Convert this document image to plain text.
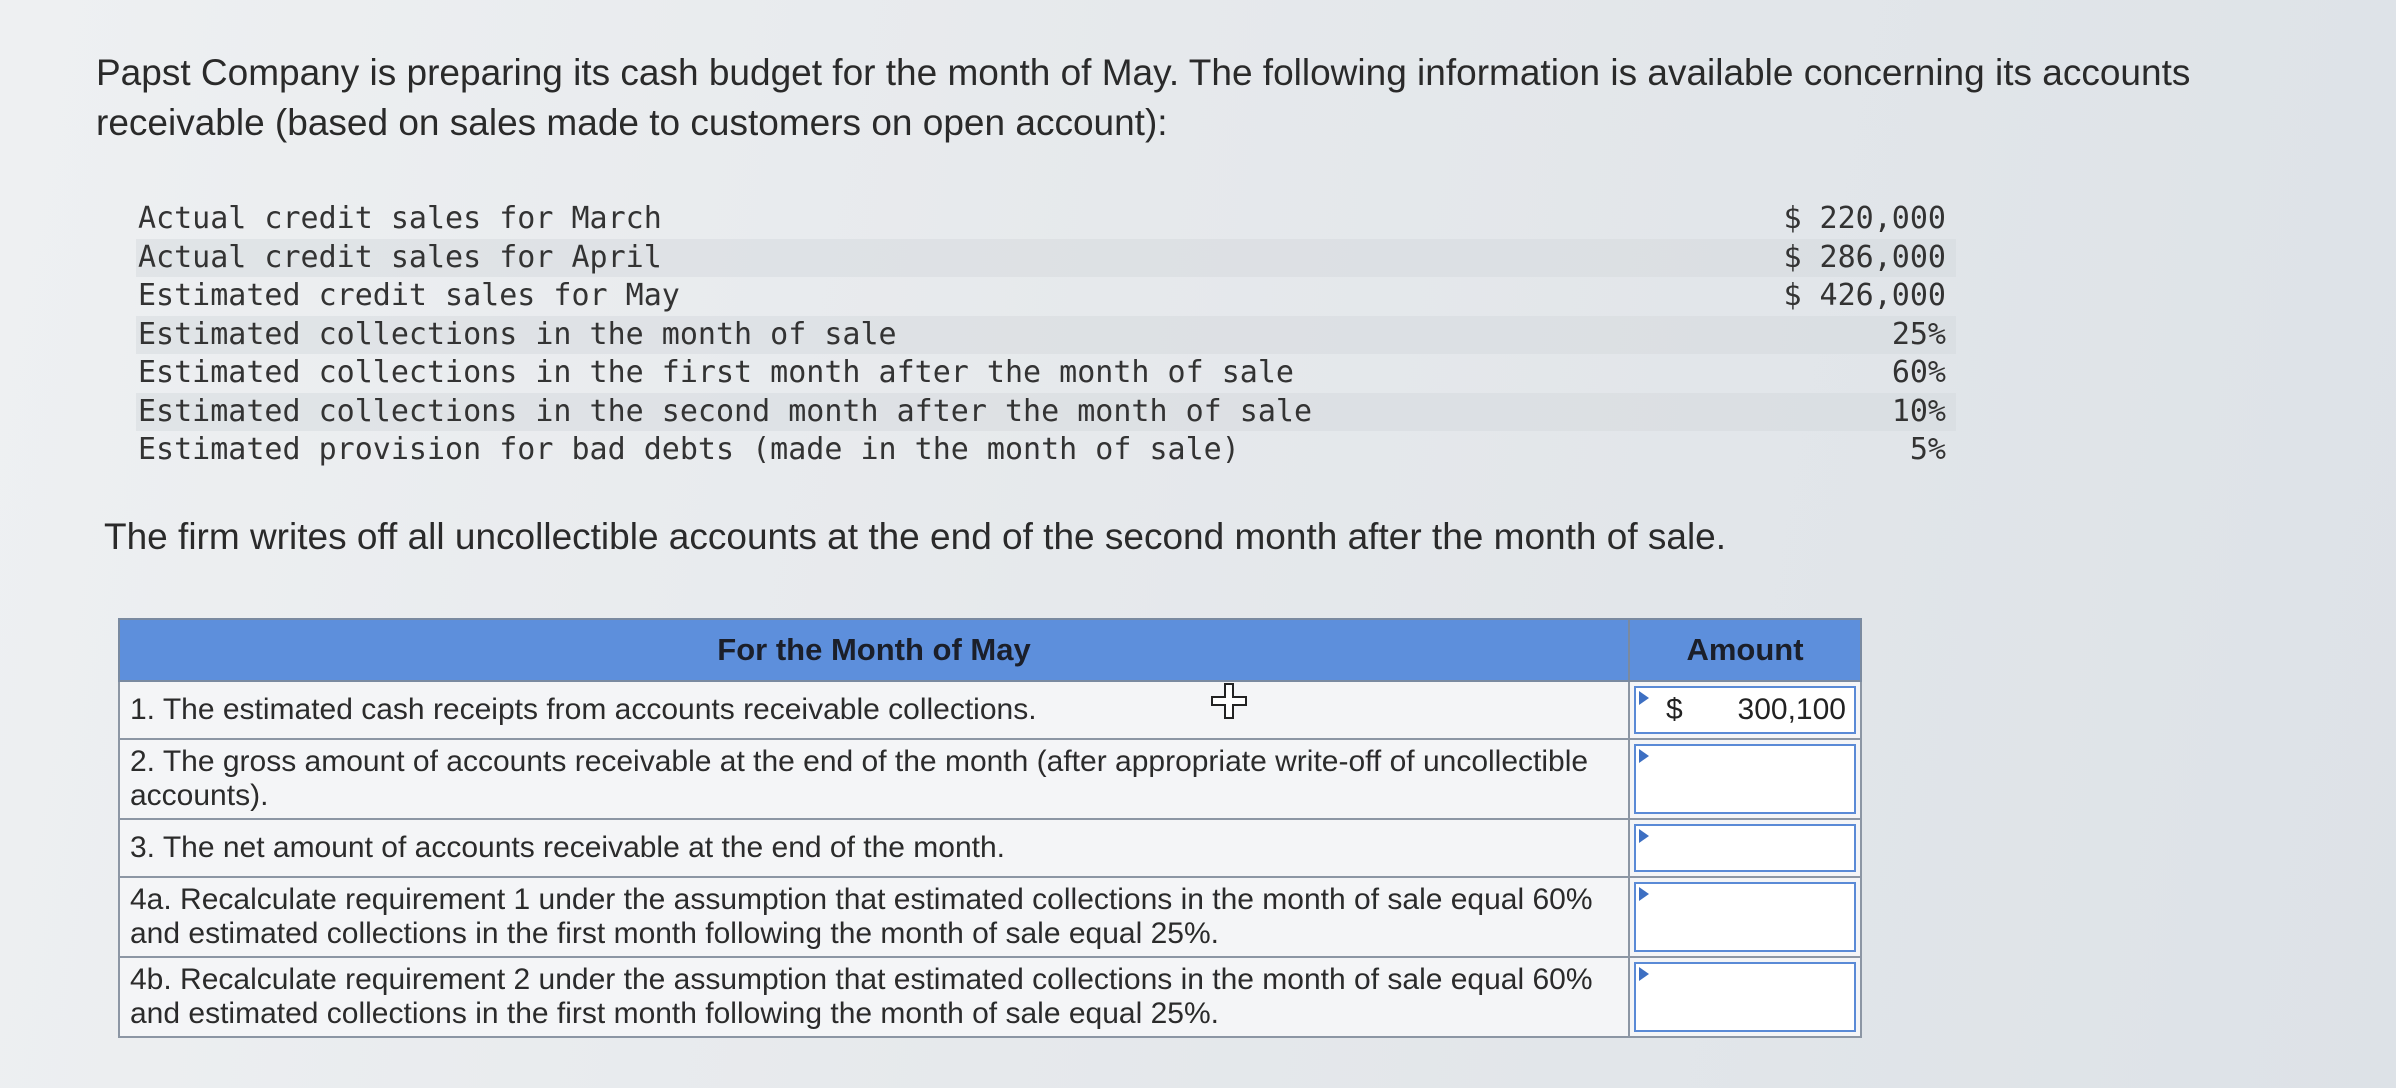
Papst Company is preparing its cash budget for the month of May. The following information is available concerning its accounts
receivable (based on sales made to customers on open account):
Actual credit sales for March	$ 220,000
Actual credit sales for April	$ 286,000
Estimated credit sales for May	$ 426,000
Estimated collections in the month of sale	25%
Estimated collections in the first month after the month of sale	60%
Estimated collections in the second month after the month of sale	10%
Estimated provision for bad debts (made in the month of sale)	5%
The firm writes off all uncollectible accounts at the end of the second month after the month of sale.
For the Month of May	Amount
1. The estimated cash receipts from accounts receivable collections.	$ 300,100

2. The gross amount of accounts receivable at the end of the month (after appropriate write-off of uncollectible accounts).	

3. The net amount of accounts receivable at the end of the month.	

4a. Recalculate requirement 1 under the assumption that estimated collections in the month of sale equal 60% and estimated collections in the first month following the month of sale equal 25%.	

4b. Recalculate requirement 2 under the assumption that estimated collections in the month of sale equal 60% and estimated collections in the first month following the month of sale equal 25%.	
